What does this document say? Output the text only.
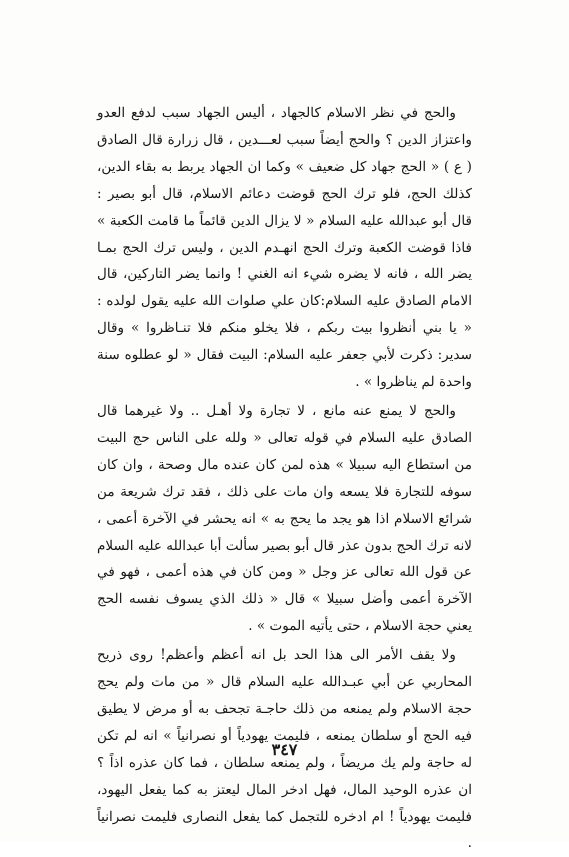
والحج في نظر الاسلام كالجهاد ، أليس الجهاد سبب لدفع العدو واعتزاز الدين ؟ والحج أيضاً سبب لعـــدين ، قال زرارة قال الصادق ( ع ) « الحج جهاد كل ضعيف » وكما ان الجهاد يربط به بقاء الدين، كذلك الحج، فلو ترك الحج قوضت دعائم الاسلام، قال أبو بصير : قال أبو عبدالله عليه السلام « لا يزال الدين قائماً ما قامت الكعبة » فاذا قوضت الكعبة وترك الحج انهـدم الدين ، وليس ترك الحج بمـا يضر الله ، فانه لا يضره شيء انه الغني ! وانما يضر التاركين، قال الامام الصادق عليه السلام:كان علي صلوات الله عليه يقول لولده : « يا بني أنظروا بيت ربكم ، فلا يخلو منكم فلا تنـاظروا » وقال سدير: ذكرت لأبي جعفر عليه السلام: البيت فقال « لو عطلوه سنة واحدة لم يناظروا » .

والحج لا يمنع عنه مانع ، لا تجارة ولا أهـل .. ولا غيرهما قال الصادق عليه السلام في قوله تعالى « ولله على الناس حج البيت من استطاع اليه سبيلا » هذه لمن كان عنده مال وصحة ، وان كان سوفه للتجارة فلا يسعه وان مات على ذلك ، فقد ترك شريعة من شرائع الاسلام اذا هو يجد ما يحج به » انه يحشر في الآخرة أعمى ، لانه ترك الحج بدون عذر قال أبو بصير سألت أبا عبدالله عليه السلام عن قول الله تعالى عز وجل « ومن كان في هذه أعمى ، فهو في الآخرة أعمى وأضل سبيلا » قال « ذلك الذي يسوف نفسه الحج يعني حجة الاسلام ، حتى يأتيه الموت » .

ولا يقف الأمر الى هذا الحد بل انه أعظم وأعظم! روى ذريح المحاربي عن أبي عبـدالله عليه السلام قال « من مات ولم يحج حجة الاسلام ولم يمنعه من ذلك حاجـة تجحف به أو مرض لا يطيق فيه الحج أو سلطان يمنعه ، فليمت يهودياً أو نصرانياً » انه لم تكن له حاجة ولم يك مريضاً ، ولم يمنعه سلطان ، فما كان عذره اذاً ؟ ان عذره الوحيد المال، فهل ادخر المال ليعتز به كما يفعل اليهود، فليمت يهودياً ! ام ادخره للتجمل كما يفعل النصارى فليمت نصرانياً .

٣٤٧
